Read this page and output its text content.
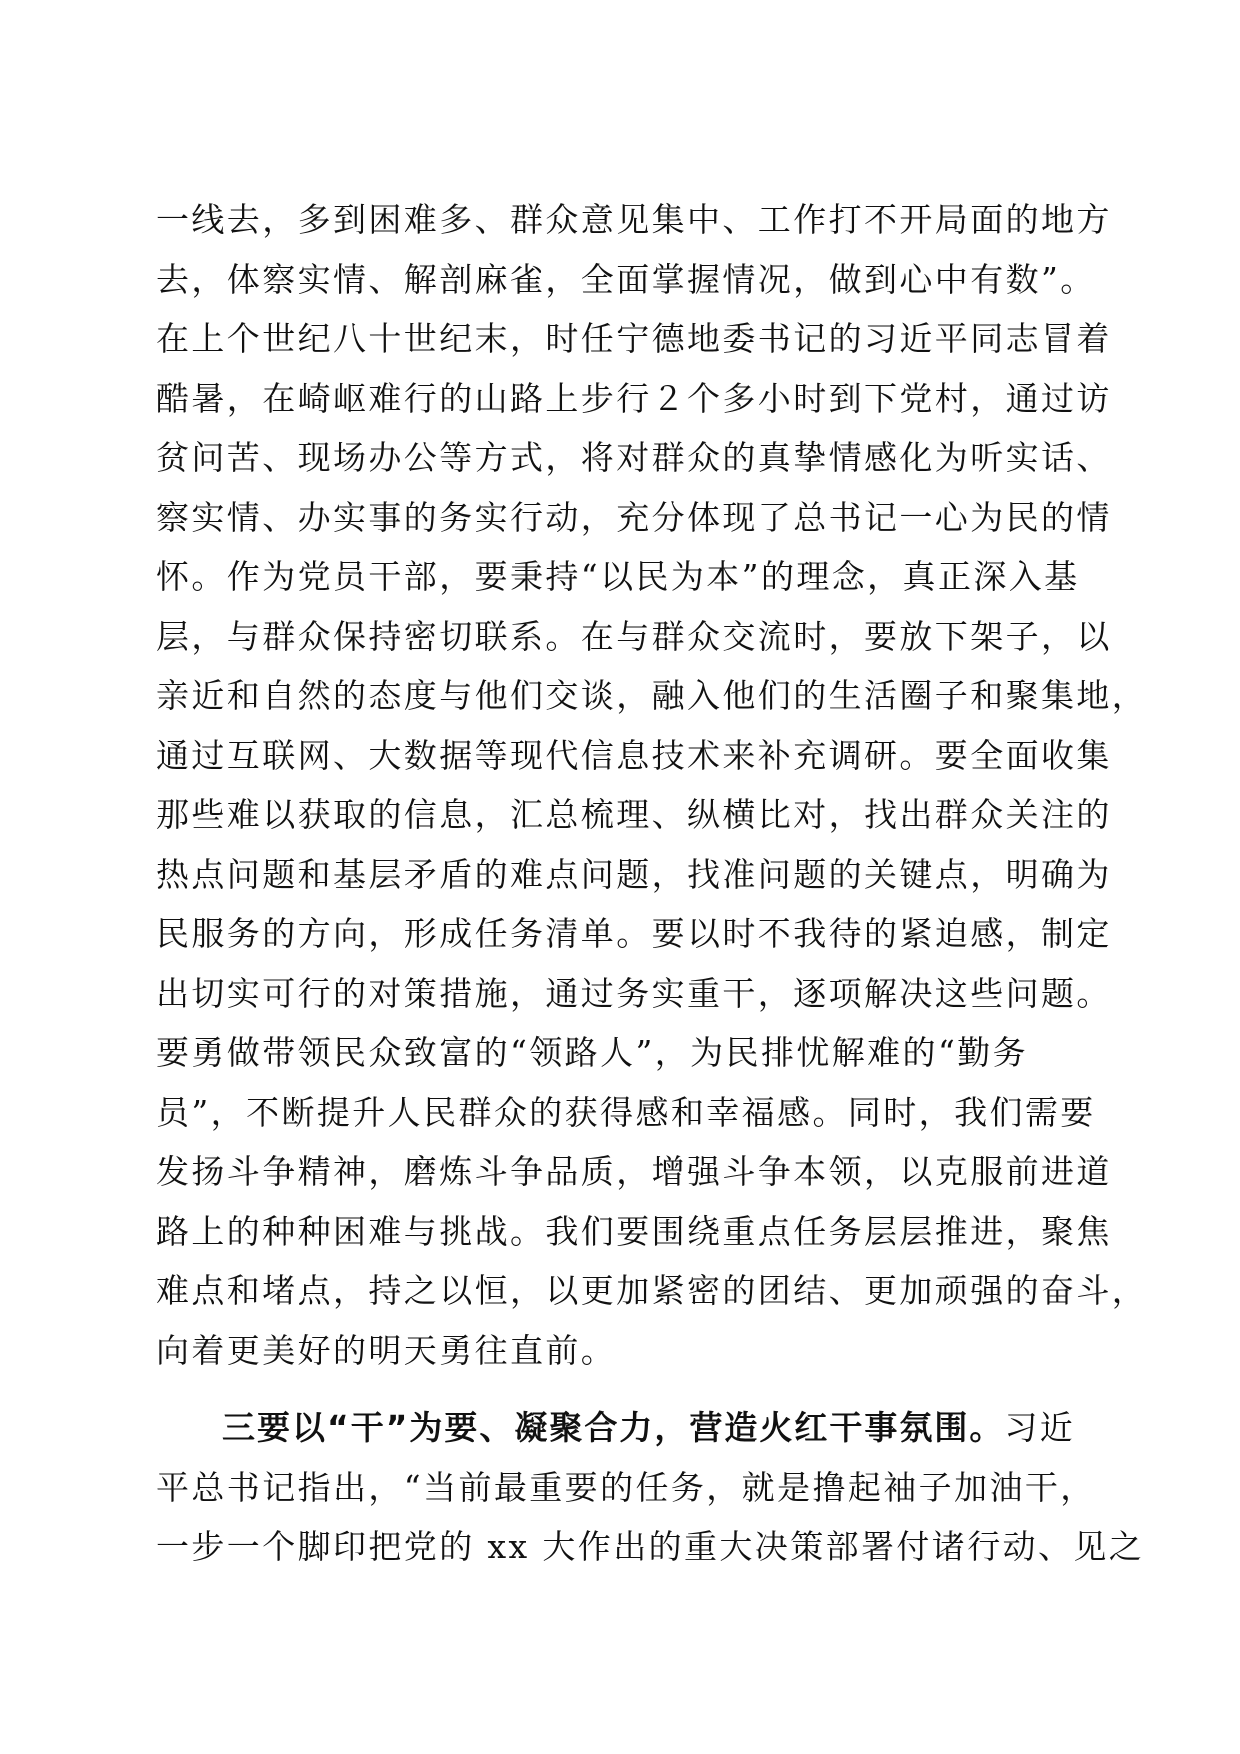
一线去，多到困难多、群众意见集中、工作打不开局面的地方
去，体察实情、解剖麻雀，全面掌握情况，做到心中有数”。
在上个世纪八十世纪末，时任宁德地委书记的习近平同志冒着
酷暑，在崎岖难行的山路上步行２个多小时到下党村，通过访
贫问苦、现场办公等方式，将对群众的真挚情感化为听实话、
察实情、办实事的务实行动，充分体现了总书记一心为民的情
怀。作为党员干部，要秉持“以民为本”的理念，真正深入基
层，与群众保持密切联系。在与群众交流时，要放下架子，以
亲近和自然的态度与他们交谈，融入他们的生活圈子和聚集地，
通过互联网、大数据等现代信息技术来补充调研。要全面收集
那些难以获取的信息，汇总梳理、纵横比对，找出群众关注的
热点问题和基层矛盾的难点问题，找准问题的关键点，明确为
民服务的方向，形成任务清单。要以时不我待的紧迫感，制定
出切实可行的对策措施，通过务实重干，逐项解决这些问题。
要勇做带领民众致富的“领路人”，为民排忧解难的“勤务
员”，不断提升人民群众的获得感和幸福感。同时，我们需要
发扬斗争精神，磨炼斗争品质，增强斗争本领，以克服前进道
路上的种种困难与挑战。我们要围绕重点任务层层推进，聚焦
难点和堵点，持之以恒，以更加紧密的团结、更加顽强的奋斗，
向着更美好的明天勇往直前。
三要以“干”为要、凝聚合力，营造火红干事氛围。习近
平总书记指出，“当前最重要的任务，就是撸起袖子加油干，
一步一个脚印把党的 xx 大作出的重大决策部署付诸行动、见之
